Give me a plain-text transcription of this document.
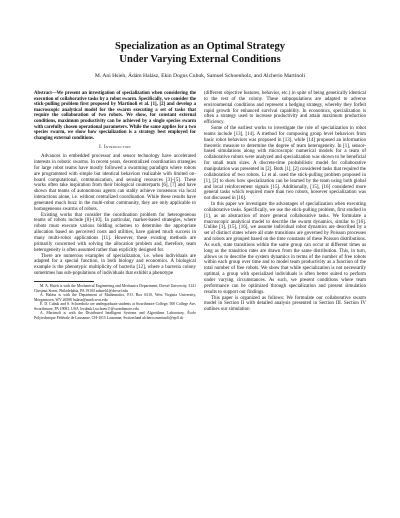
Specialization as an Optimal Strategy
Under Varying External Conditions
M. Ani Hsieh, Ádám Halász, Ekin Dogus Cubuk, Samuel Schoenholz, and Alcherio Martinoli
Abstract—We present an investigation of specialization when considering the execution of collaborative tasks by a robot swarm. Specifically, we consider the stick-pulling problem first proposed by Martinoli et al. [1], [2] and develop a macroscopic analytical model for the swarm executing a set of tasks that require the collaboration of two robots. We show, for constant external conditions, maximum productivity can be achieved by a single species swarm with carefully chosen operational parameters. While the same applies for a two species swarm, we show how specialization is a strategy best employed for changing external conditions.
I. Introduction

Advances in embedded processor and sensor technology have accelerated interests in robotic swarms. In recent years, decentralized coordination strategies for large robot teams have mostly followed a swarming paradigm where robots are programmed with simple but identical behaviors realizable with limited on-board computational, communication, and sensing resources [3]–[5]. These works often take inspiration from their biological counterparts [6], [7] and have shown that teams of autonomous agents can stably achieve consensus via local interactions alone, i.e. without centralized coordination. While these results have generated much buzz in the multi-robot community, they are only applicable to homogeneous swarms of robots.

Existing works that consider the coordination problem for heterogeneous teams of robots include [8]–[10]. In particular, market-based strategies, where robots must execute various bidding schemes to determine the appropriate allocation based on perceived costs and utilities, have gained much success in many multi-robot applications [11]. However, these existing methods are primarily concerned with solving the allocation problem and, therefore, team heterogeneity is often assumed rather than explicitly designed for.

There are numerous examples of specialization, i.e. when individuals are adapted for a special function, in both biology and economics. A biological example is the phenotypic multiplicity of bacteria [12], where a bacteria colony sometimes has sub-populations of individuals that exhibit a phenotype

M. A. Hsieh is with the Mechanical Engineering and Mechanics Department, Drexel University, 3141 Chestnut Street, Philadelphia, PA 19104 mhsieh1@drexel.edu

Á. Halász is with the Department of Mathematics, P.O. Box 6310, West Virginia University, Morgantown, WV 26506 halasz@math.wvu.edu

E. D. Cubuk and S. Schoenholz are undergraduate students at Swarthmore College, 500 College Ave, Swarthmore, PA 19081, USA {ecubuk1,sschoen1}@swarthmore.edu

A. Martinoli is with the Distributed Intelligent Systems and Algorithms Laboratory, École Polytechnique Fédérale de Lausanne, CH-1015 Lausanne, Switzerland alcherio.martinoli@epfl.ch

(different objective features, behavior, etc.) in spite of being genetically identical to the rest of the colony. These subpopulations are adapted to adverse environmental conditions and represent a hedging strategy, whereby they forfeit rapid growth for enhanced survival capability. In economics, specialization is often a strategy used to increase productivity and attain maximum production efficiency.

Some of the earliest works to investigate the role of specialization in robot teams include [13], [14]. A method for composing group level behaviors from basic robot behaviors was proposed in [13], while [14] proposed an information theoretic measure to determine the degree of team heterogeneity. In [1], sensor-based simulations along with microscopic numerical models for a team of collaborative robots were analyzed and specialization was shown to be beneficial for small team sizes. A discrete-time probabilistic model for collaborative manipulation was presented in [2]. Both [1], [2] considered tasks that required the collaboration of two robots. Li et al. used the stick-pulling problem proposed in [1], [2] to show how specialization can be learned by the team using both global and local reinforcement signals [15]. Additionally, [15], [16] considered more general tasks which required more than two robots, however specialization was not discussed in [16].

In this paper we investigate the advantages of specialization when executing collaborative tasks. Specifically, we use the stick-pulling problem, first studied in [1], as an abstraction of more general collaborative tasks. We formulate a macroscopic analytical model to describe the swarm dynamics, similar to [16]. Unlike [1], [15], [16], we assume individual robot dynamics are described by a set of distinct states where all state transitions are governed by Poisson processes and robots are grouped based on the time constants of these Poisson distributions. As such, state transitions within the same group can occur at different times as long as the transition rates are drawn from the same distribution. This, in turn, allows us to describe the system dynamics in terms of the number of free robots within each group over time and to model team productivity as a function of the total number of free robots. We show that while specialization is not necessarily optimal, a group with specialized individuals is often better suited to perform under varying circumstances. As such, we present conditions where team performance can be optimized through specialization and present simulation results to support our findings.

This paper is organized as follows: We formulate our collaborative swarm model in Section II with detailed analysis presented in Section III. Section IV outlines our simulation
